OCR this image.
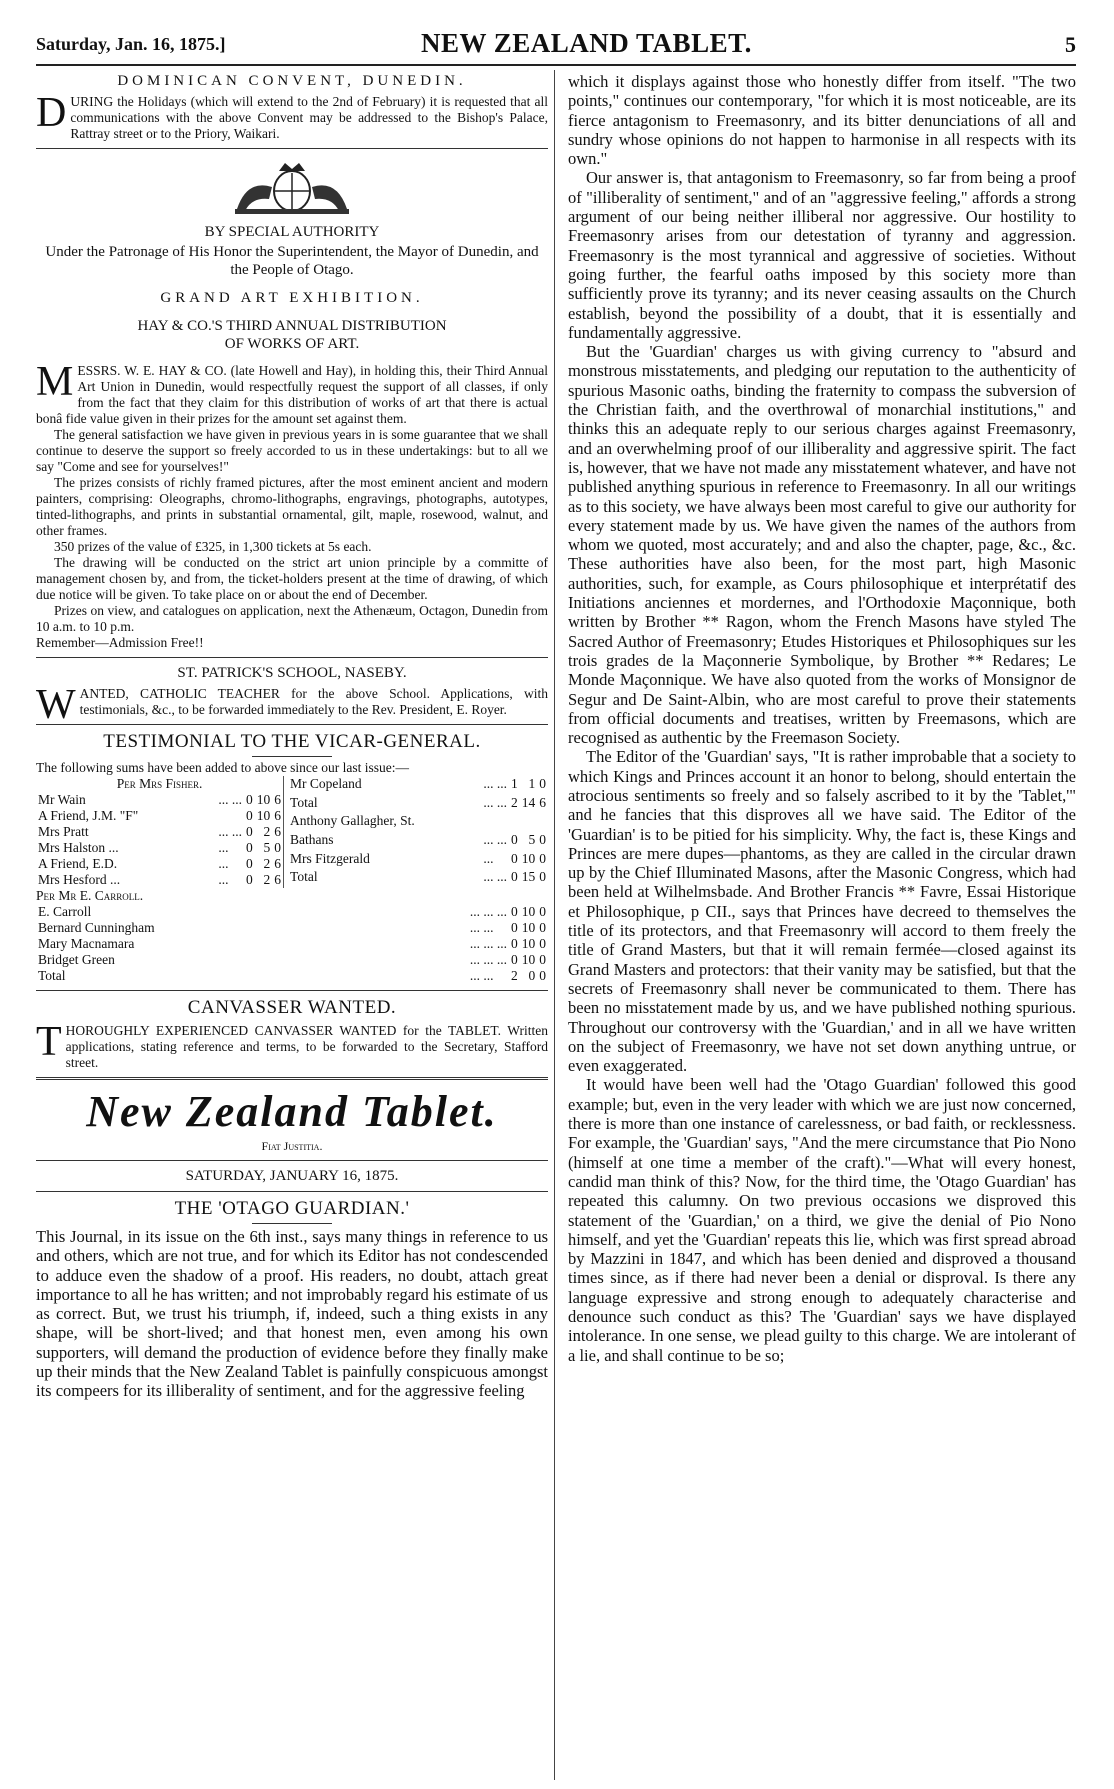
Saturday, Jan. 16, 1875.]	NEW ZEALAND TABLET.	5

DOMINICAN CONVENT, DUNEDIN.

DURING the Holidays (which will extend to the 2nd of February) it is requested that all communications with the above Convent may be addressed to the Bishop's Palace, Rattray street or to the Priory, Waikari.

BY SPECIAL AUTHORITY

Under the Patronage of His Honor the Superintendent, the Mayor of Dunedin, and the People of Otago.

GRAND ART EXHIBITION.

HAY & CO.'S THIRD ANNUAL DISTRIBUTION

OF WORKS OF ART.

MESSRS. W. E. HAY & CO. (late Howell and Hay), in holding this, their Third Annual Art Union in Dunedin, would respectfully request the support of all classes, if only from the fact that they claim for this distribution of works of art that there is actual bonâ fide value given in their prizes for the amount set against them.

The general satisfaction we have given in previous years in is some guarantee that we shall continue to deserve the support so freely accorded to us in these undertakings: but to all we say "Come and see for yourselves!"

The prizes consists of richly framed pictures, after the most eminent ancient and modern painters, comprising: Oleographs, chromo-lithographs, engravings, photographs, autotypes, tinted-lithographs, and prints in substantial ornamental, gilt, maple, rosewood, walnut, and other frames.

350 prizes of the value of £325, in 1,300 tickets at 5s each.

The drawing will be conducted on the strict art union principle by a committe of management chosen by, and from, the ticket-holders present at the time of drawing, of which due notice will be given. To take place on or about the end of December.

Prizes on view, and catalogues on application, next the Athenæum, Octagon, Dunedin from 10 a.m. to 10 p.m.

Remember—Admission Free!!

ST. PATRICK'S SCHOOL, NASEBY.

WANTED, CATHOLIC TEACHER for the above School. Applications, with testimonials, &c., to be forwarded immediately to the Rev. President, E. Royer.

TESTIMONIAL TO THE VICAR-GENERAL.

The following sums have been added to above since our last issue:—

Per Mrs Fisher.				
Mr Wain	... ...	0	10	6
A Friend, J.M. "F"		0	10	6
Mrs Pratt	... ...	0	2	6
Mrs Halston ...	...	0	5	0
A Friend, E.D.	...	0	2	6
Mrs Hesford ...	...	0	2	6
Mr Copeland	... ...	1	1	0

Total	... ...	2	14	6
Anthony Gallagher, St.				
Bathans	... ...	0	5	0
Mrs Fitzgerald	...	0	10	0

Total	... ...	0	15	0

Per Mr E. Carroll.

E. Carroll	... ... ...	0	10	0
Bernard Cunningham	... ...	0	10	0
Mary Macnamara	... ... ...	0	10	0
Bridget Green	... ... ...	0	10	0

Total	... ...	2	0	0

CANVASSER WANTED.

THOROUGHLY EXPERIENCED CANVASSER WANTED for the TABLET. Written applications, stating reference and terms, to be forwarded to the Secretary, Stafford street.

New Zealand Tablet.

Fiat Justitia.

SATURDAY, JANUARY 16, 1875.

THE 'OTAGO GUARDIAN.'

This Journal, in its issue on the 6th inst., says many things in reference to us and others, which are not true, and for which its Editor has not condescended to adduce even the shadow of a proof. His readers, no doubt, attach great importance to all he has written; and not improbably regard his estimate of us as correct. But, we trust his triumph, if, indeed, such a thing exists in any shape, will be short-lived; and that honest men, even among his own supporters, will demand the production of evidence before they finally make up their minds that the New Zealand Tablet is painfully conspicuous amongst its compeers for its illiberality of sentiment, and for the aggressive feeling

which it displays against those who honestly differ from itself. "The two points," continues our contemporary, "for which it is most noticeable, are its fierce antagonism to Freemasonry, and its bitter denunciations of all and sundry whose opinions do not happen to harmonise in all respects with its own."

Our answer is, that antagonism to Freemasonry, so far from being a proof of "illiberality of sentiment," and of an "aggressive feeling," affords a strong argument of our being neither illiberal nor aggressive. Our hostility to Freemasonry arises from our detestation of tyranny and aggression. Freemasonry is the most tyrannical and aggressive of societies. Without going further, the fearful oaths imposed by this society more than sufficiently prove its tyranny; and its never ceasing assaults on the Church establish, beyond the possibility of a doubt, that it is essentially and fundamentally aggressive.

But the 'Guardian' charges us with giving currency to "absurd and monstrous misstatements, and pledging our reputation to the authenticity of spurious Masonic oaths, binding the fraternity to compass the subversion of the Christian faith, and the overthrowal of monarchial institutions," and thinks this an adequate reply to our serious charges against Freemasonry, and an overwhelming proof of our illiberality and aggressive spirit. The fact is, however, that we have not made any misstatement whatever, and have not published anything spurious in reference to Freemasonry. In all our writings as to this society, we have always been most careful to give our authority for every statement made by us. We have given the names of the authors from whom we quoted, most accurately; and and also the chapter, page, &c., &c. These authorities have also been, for the most part, high Masonic authorities, such, for example, as Cours philosophique et interprétatif des Initiations anciennes et mordernes, and l'Orthodoxie Maçonnique, both written by Brother ** Ragon, whom the French Masons have styled The Sacred Author of Freemasonry; Etudes Historiques et Philosophiques sur les trois grades de la Maçonnerie Symbolique, by Brother ** Redares; Le Monde Maçonnique. We have also quoted from the works of Monsignor de Segur and De Saint-Albin, who are most careful to prove their statements from official documents and treatises, written by Freemasons, which are recognised as authentic by the Freemason Society.

The Editor of the 'Guardian' says, "It is rather improbable that a society to which Kings and Princes account it an honor to belong, should entertain the atrocious sentiments so freely and so falsely ascribed to it by the 'Tablet,'" and he fancies that this disproves all we have said. The Editor of the 'Guardian' is to be pitied for his simplicity. Why, the fact is, these Kings and Princes are mere dupes—phantoms, as they are called in the circular drawn up by the Chief Illuminated Masons, after the Masonic Congress, which had been held at Wilhelmsbade. And Brother Francis ** Favre, Essai Historique et Philosophique, p CII., says that Princes have decreed to themselves the title of its protectors, and that Freemasonry will accord to them freely the title of Grand Masters, but that it will remain fermée—closed against its Grand Masters and protectors: that their vanity may be satisfied, but that the secrets of Freemasonry shall never be communicated to them. There has been no misstatement made by us, and we have published nothing spurious. Throughout our controversy with the 'Guardian,' and in all we have written on the subject of Freemasonry, we have not set down anything untrue, or even exaggerated.

It would have been well had the 'Otago Guardian' followed this good example; but, even in the very leader with which we are just now concerned, there is more than one instance of carelessness, or bad faith, or recklessness. For example, the 'Guardian' says, "And the mere circumstance that Pio Nono (himself at one time a member of the craft)."—What will every honest, candid man think of this? Now, for the third time, the 'Otago Guardian' has repeated this calumny. On two previous occasions we disproved this statement of the 'Guardian,' on a third, we give the denial of Pio Nono himself, and yet the 'Guardian' repeats this lie, which was first spread abroad by Mazzini in 1847, and which has been denied and disproved a thousand times since, as if there had never been a denial or disproval. Is there any language expressive and strong enough to adequately characterise and denounce such conduct as this? The 'Guardian' says we have displayed intolerance. In one sense, we plead guilty to this charge. We are intolerant of a lie, and shall continue to be so;
